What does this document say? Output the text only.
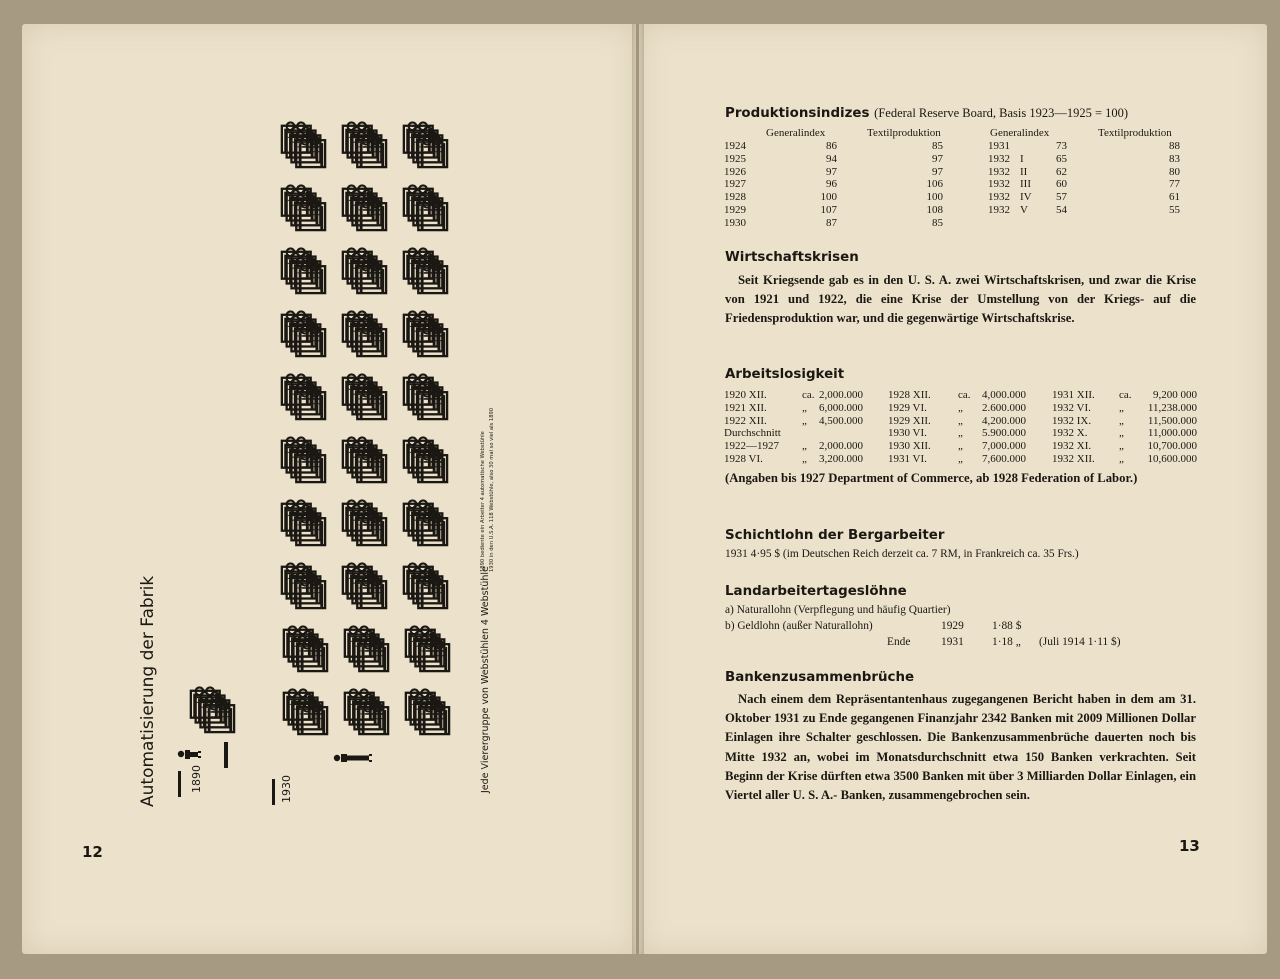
Automatisierung der Fabrik	1890	1930	Jede Vierergruppe von Webstühlen 4 Webstühle
1890 bediente ein Arbeiter 4 automatische Webstühle 1930 in den U.S.A. 118 Webstühle, also 30 mal so viel als 1890
12
Produktionsindizes (Federal Reserve Board, Basis 1923—1925 = 100)
Generalindex	Textilproduktion	Generalindex	Textilproduktion
1924	86	85
1925	94	97
1926	97	97
1927	96	106
1928	100	100
1929	107	108
1930	87	85
1931	73	88
1932 I	65	83
1932 II	62	80
1932 III 60	77
1932 IV 57	61
1932 V	54	55
Wirtschaftskrisen
Seit Kriegsende gab es in den U. S. A. zwei Wirtschaftskrisen, und zwar die Krise von 1921 und 1922, die eine Krise der Umstellung von der Kriegs- auf die Friedensproduktion war, und die gegenwärtige Wirtschaftskrise.
Arbeitslosigkeit
1920 XII.	ca. 2,000.000
1921 XII.	„ 6,000.000
1922 XII.	„ 4,500.000
Durchschnitt
1922—1927 „ 2,000.000
1928 VI.	„ 3,200.000
1928 XII. ca. 4,000.000
1929 VI.	„ 2.600.000
1929 XII. „ 4,200.000
1930 VI.	„ 5.900.000
1930 XII. „ 7,000.000
1931 VI.	„ 7,600.000
1931 XII. ca. 9,200 000
1932 VI.	„ 11,238.000
1932 IX.	„ 11,500.000
1932 X.	„ 11,000.000
1932 XI.	„ 10,700.000
1932 XII. „ 10,600.000
(Angaben bis 1927 Department of Commerce, ab 1928 Federation of Labor.)
Schichtlohn der Bergarbeiter
1931 4·95 $ (im Deutschen Reich derzeit ca. 7 RM, in Frankreich ca. 35 Frs.)
Landarbeitertageslöhne
a) Naturallohn (Verpflegung und häufig Quartier)
b) Geldlohn (außer Naturallohn)	1929 1·88 $
Ende	1931 1·18 „ (Juli 1914 1·11 $)
Bankenzusammenbrüche
Nach einem dem Repräsentantenhaus zugegangenen Bericht haben in dem am 31. Oktober 1931 zu Ende gegangenen Finanzjahr 2342 Banken mit 2009 Millionen Dollar Einlagen ihre Schalter geschlossen. Die Bankenzusammenbrüche dauerten noch bis Mitte 1932 an, wobei im Monatsdurchschnitt etwa 150 Banken verkrachten. Seit Beginn der Krise dürften etwa 3500 Banken mit über 3 Milliarden Dollar Einlagen, ein Viertel aller U. S. A.- Banken, zusammengebrochen sein.
13
